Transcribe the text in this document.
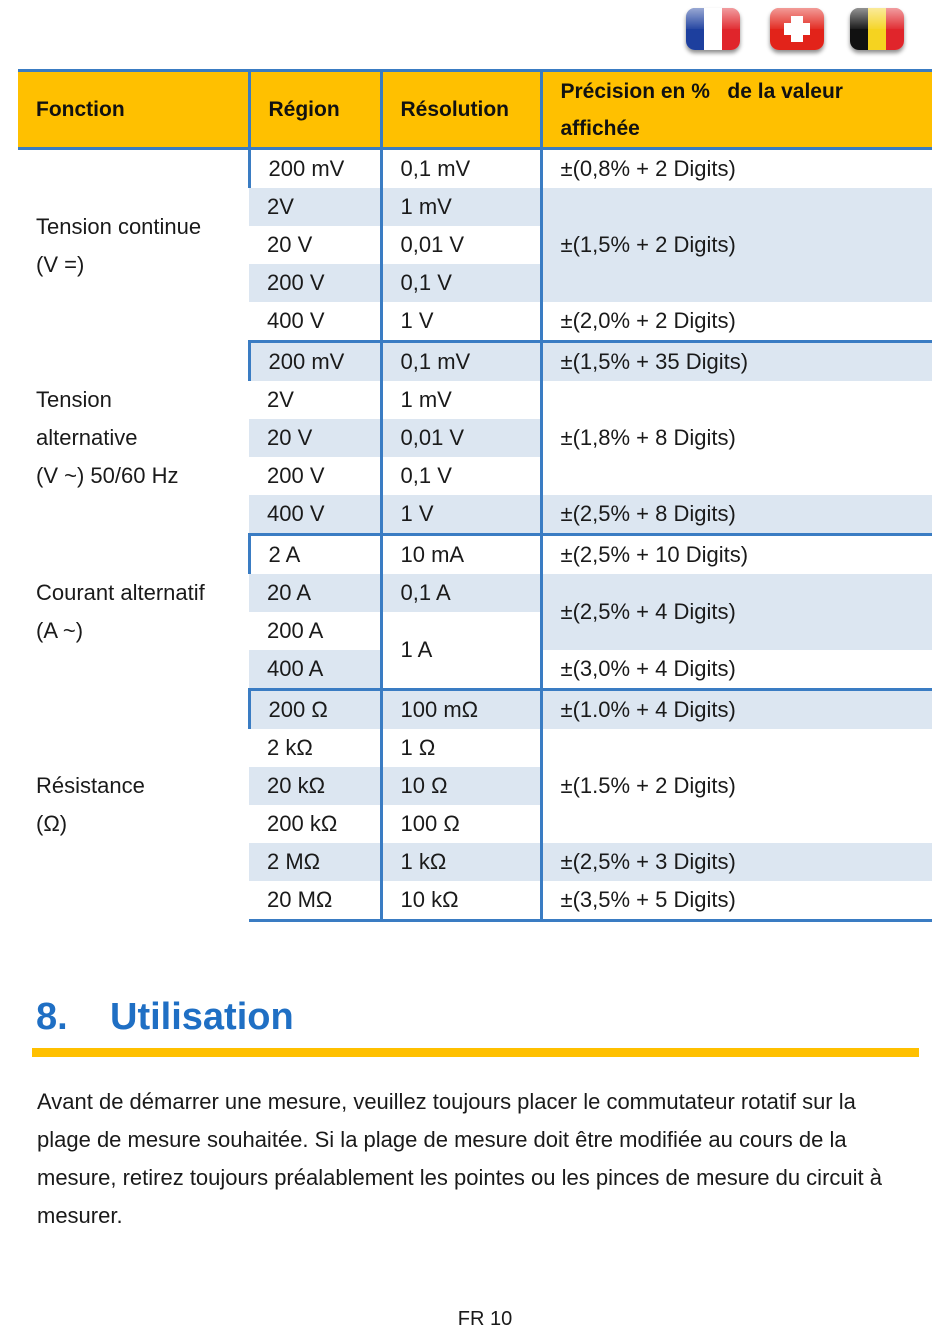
Fonction	Région	Résolution	Précision en %   de la valeur affichée
Tension continue
(V =)	200 mV	0,1 mV	±(0,8% + 2 Digits)
	2V	1 mV	±(1,5% + 2 Digits)
	20 V	0,01 V	
	200 V	0,1 V	
	400 V	1 V	±(2,0% + 2 Digits)
Tension
alternative
(V ~) 50/60 Hz	200 mV	0,1 mV	±(1,5% + 35 Digits)
	2V	1 mV	±(1,8% + 8 Digits)
	20 V	0,01 V	
	200 V	0,1 V	
	400 V	1 V	±(2,5% + 8 Digits)
Courant alternatif
(A ~)	2 A	10 mA	±(2,5% + 10 Digits)
	20 A	0,1 A	±(2,5% + 4 Digits)
	200 A	1 A	
	400 A		±(3,0% + 4 Digits)
Résistance
(Ω)	200 Ω	100 mΩ	±(1.0% + 4 Digits)
	2 kΩ	1 Ω	±(1.5% + 2 Digits)
	20 kΩ	10 Ω	
	200 kΩ	100 Ω	
	2 MΩ	1 kΩ	±(2,5% + 3 Digits)
	20 MΩ	10 kΩ	±(3,5% + 5 Digits)
8. Utilisation

Avant de démarrer une mesure, veuillez toujours placer le commutateur rotatif sur la plage de mesure souhaitée. Si la plage de mesure doit être modifiée au cours de la mesure, retirez toujours préalablement les pointes ou les pinces de mesure du circuit à mesurer.

FR 10
